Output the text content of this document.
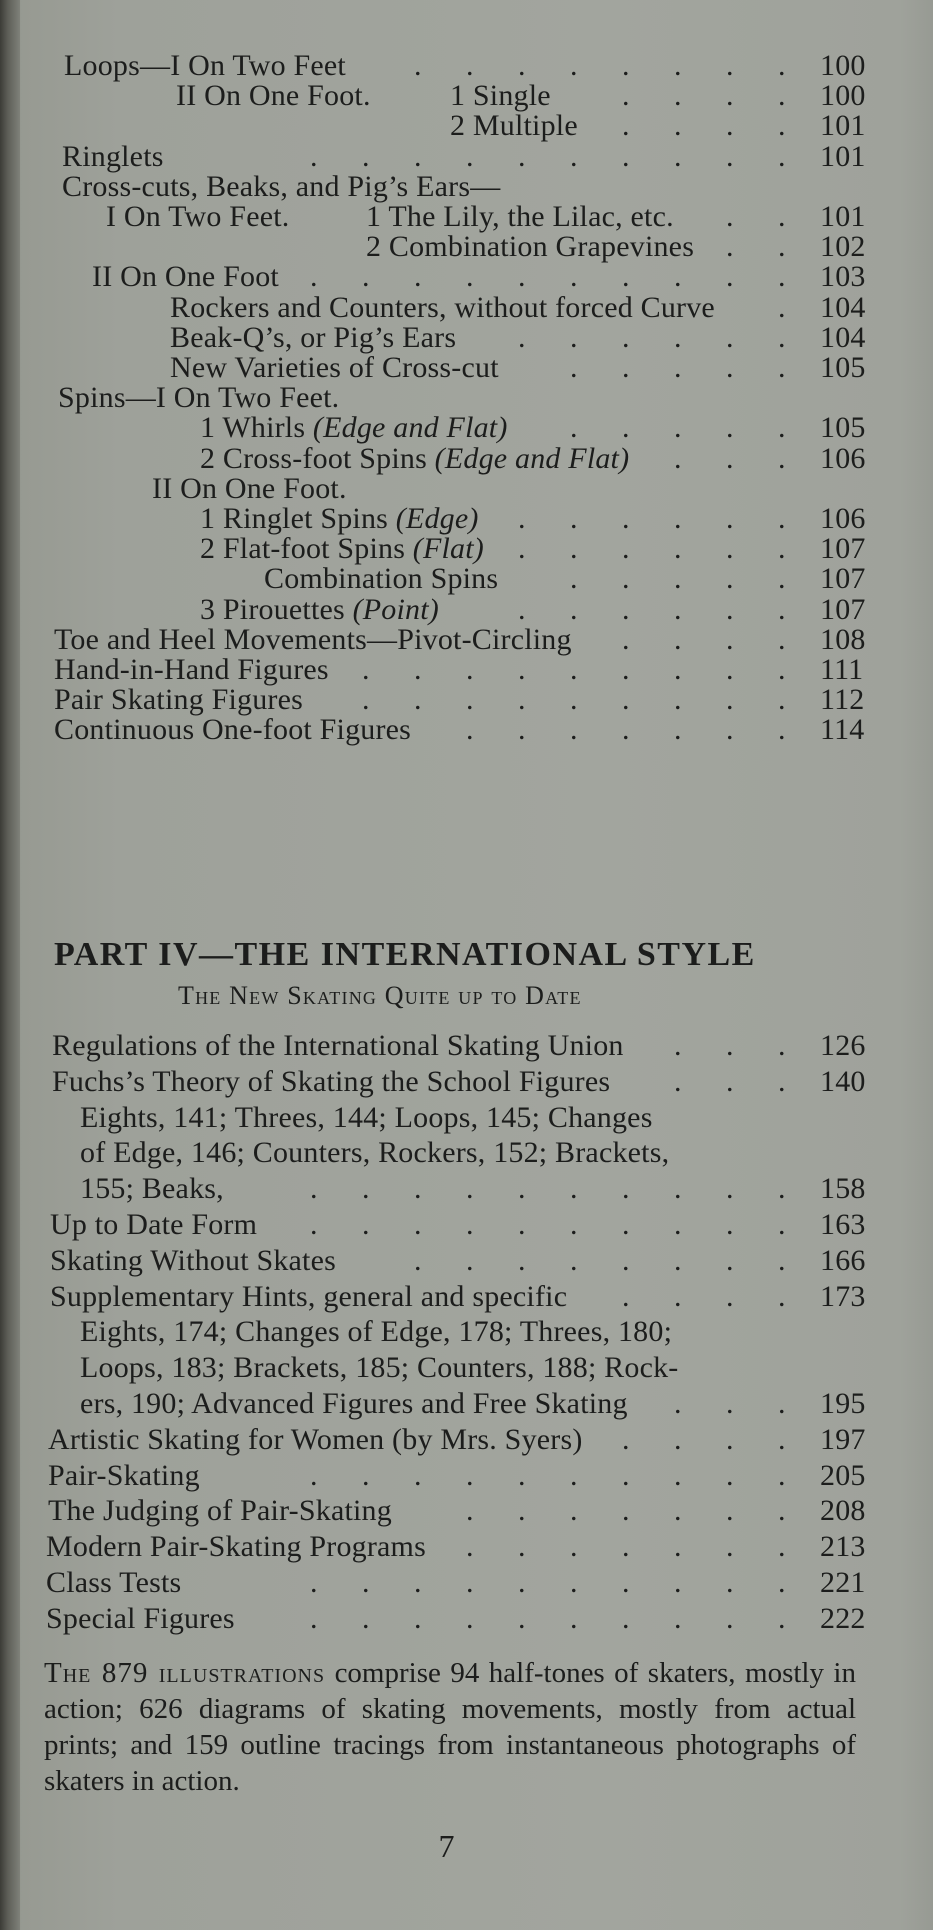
Loops—I On Two Feet	100
.
.
.
.
.
.
.
.
II On One Foot.	1 Single	100
.
.
.
.
2 Multiple	101
.
.
.
.
Ringlets	101
.
.
.
.
.
.
.
.
.
.
Cross-cuts, Beaks, and Pig’s Ears—
I On Two Feet.	1 The Lily, the Lilac, etc.	101
.
.
2 Combination Grapevines	102
.
.
II On One Foot	103
.
.
.
.
.
.
.
.
.
.
Rockers and Counters, without forced Curve	104
.
Beak-Q’s, or Pig’s Ears	104
.
.
.
.
.
.
New Varieties of Cross-cut	105
.
.
.
.
.
Spins—I On Two Feet.
1 Whirls (Edge and Flat)	105
.
.
.
.
.
2 Cross-foot Spins (Edge and Flat)	106
.
.
.
II On One Foot.
1 Ringlet Spins (Edge)	106
.
.
.
.
.
.
2 Flat-foot Spins (Flat)	107
.
.
.
.
.
.
Combination Spins	107
.
.
.
.
.
3 Pirouettes (Point)	107
.
.
.
.
.
.
Toe and Heel Movements—Pivot-Circling	108
.
.
.
.
Hand-in-Hand Figures	111
.
.
.
.
.
.
.
.
.
Pair Skating Figures	112
.
.
.
.
.
.
.
.
.
Continuous One-foot Figures	114
.
.
.
.
.
.
.
PART IV—THE INTERNATIONAL STYLE
The New Skating Quite up to Date
Regulations of the International Skating Union	126
.
.
.
Fuchs’s Theory of Skating the School Figures	140
.
.
.
Eights, 141; Threes, 144; Loops, 145; Changes
of Edge, 146; Counters, Rockers, 152; Brackets,
155; Beaks,	158
.
.
.
.
.
.
.
.
.
.
Up to Date Form	163
.
.
.
.
.
.
.
.
.
.
Skating Without Skates	166
.
.
.
.
.
.
.
.
Supplementary Hints, general and specific	173
.
.
.
.
Eights, 174; Changes of Edge, 178; Threes, 180;
Loops, 183; Brackets, 185; Counters, 188; Rock-
ers, 190; Advanced Figures and Free Skating	195
.
.
.
Artistic Skating for Women (by Mrs. Syers)	197
.
.
.
.
Pair-Skating	205
.
.
.
.
.
.
.
.
.
.
The Judging of Pair-Skating	208
.
.
.
.
.
.
.
Modern Pair-Skating Programs	213
.
.
.
.
.
.
.
Class Tests	221
.
.
.
.
.
.
.
.
.
.
Special Figures	222
.
.
.
.
.
.
.
.
.
.
The 879 illustrations comprise 94 half-tones of skaters, mostly in action; 626 diagrams of skating movements, mostly from actual prints; and 159 outline tracings from instantaneous photographs of skaters in action.
7
